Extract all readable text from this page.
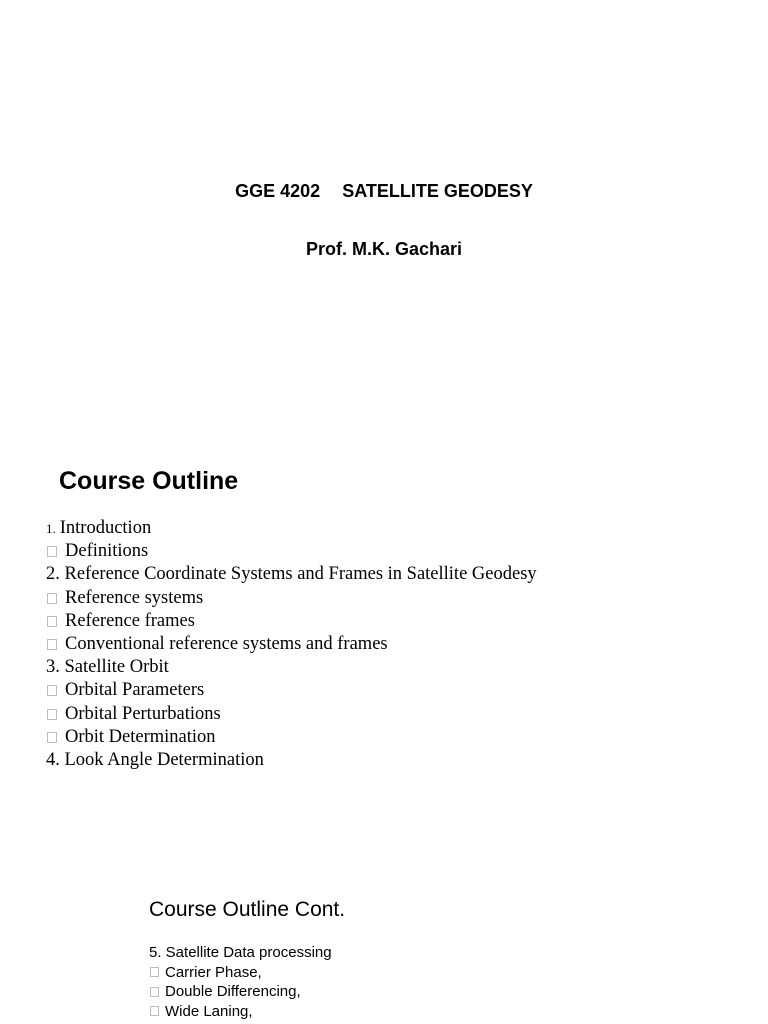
GGE 4202 SATELLITE GEODESY
Prof. M.K. Gachari
Course Outline
1. Introduction
Definitions
2. Reference Coordinate Systems and Frames in Satellite Geodesy
Reference systems
Reference frames
Conventional reference systems and frames
3. Satellite Orbit
Orbital Parameters
Orbital Perturbations
Orbit Determination
4. Look Angle Determination
Course Outline Cont.
5. Satellite Data processing
Carrier Phase,
Double Differencing,
Wide Laning,
